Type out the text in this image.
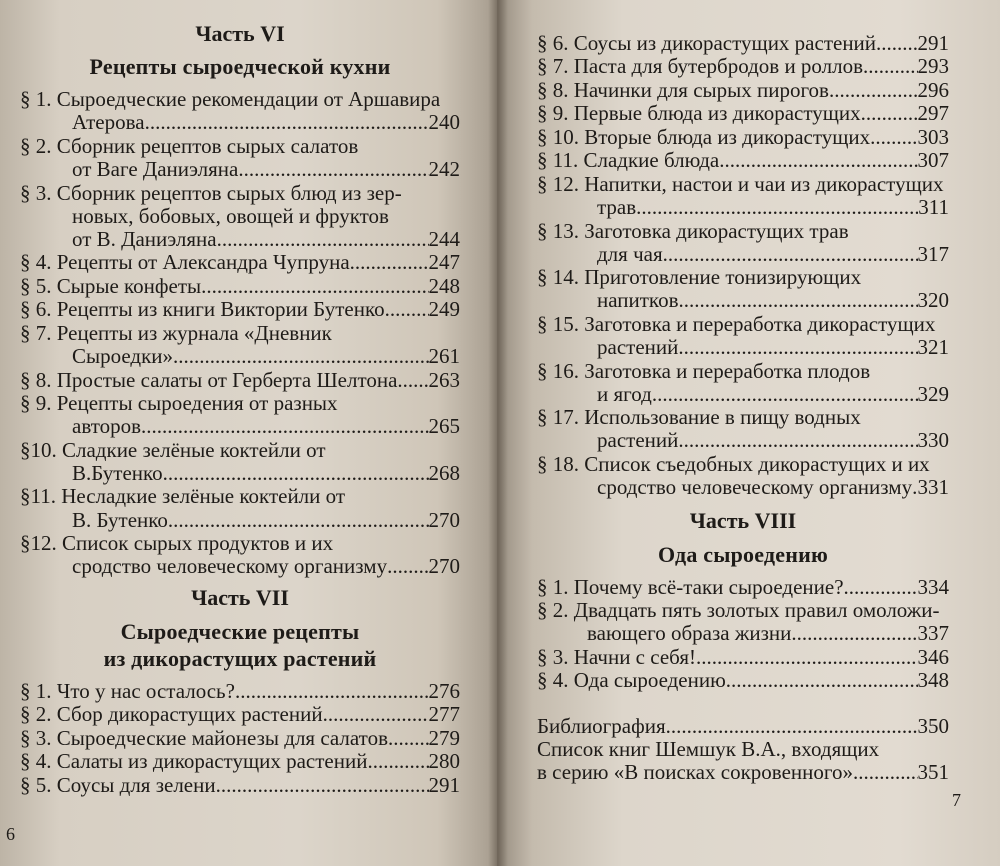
Часть VI
Рецепты сыроедческой кухни
§ 1. Сыроедческие рекомендации от Аршавира
Атерова .....	240
§ 2. Сборник рецептов сырых салатов
от Ваге Даниэляна .....	242
§ 3. Сборник рецептов сырых блюд из зер-
новых, бобовых, овощей и фруктов
от В. Даниэляна .....	244
§ 4. Рецепты от Александра Чупруна .....	247
§ 5. Сырые конфеты .....	248
§ 6. Рецепты из книги Виктории Бутенко ..... 249
§ 7. Рецепты из журнала «Дневник
Сыроедки» .....	261
§ 8. Простые салаты от Герберта Шелтона ..... 263
§ 9. Рецепты сыроедения от разных
авторов .....	265
§10. Сладкие зелёные коктейли от
В.Бутенко .....	268
§11. Несладкие зелёные коктейли от
В. Бутенко .....	270
§12. Список сырых продуктов и их
сродство человеческому организму ..... 270
Часть VII
Сыроедческие рецепты
из дикорастущих растений
§ 1. Что у нас осталось? .....	276
§ 2. Сбор дикорастущих растений .....	277
§ 3. Сыроедческие майонезы для салатов ..... 279
§ 4. Салаты из дикорастущих растений .....	280
§ 5. Соусы для зелени .....	291
6
§ 6. Соусы из дикорастущих растений ..... 291
§ 7. Паста для бутербродов и роллов .....	293
§ 8. Начинки для сырых пирогов .....	296
§ 9. Первые блюда из дикорастущих .....	297
§ 10. Вторые блюда из дикорастущих ..... 303
§ 11. Сладкие блюда .....	307
§ 12. Напитки, настои и чаи из дикорастущих
трав .....	311
§ 13. Заготовка дикорастущих трав
для чая .....	317
§ 14. Приготовление тонизирующих
напитков .....	320
§ 15. Заготовка и переработка дикорастущих
растений .....	321
§ 16. Заготовка и переработка плодов
и ягод .....	329
§ 17. Использование в пищу водных
растений .....	330
§ 18. Список съедобных дикорастущих и их
сродство человеческому организму ..... 331
Часть VIII
Ода сыроедению
§ 1. Почему всё-таки сыроедение? .....	334
§ 2. Двадцать пять золотых правил омоложи-
вающего образа жизни .....	337
§ 3. Начни с себя! .....	346
§ 4. Ода сыроедению .....	348
Библиография .....	350
Список книг Шемшук В.А., входящих
в серию «В поисках сокровенного» .....	351
7
